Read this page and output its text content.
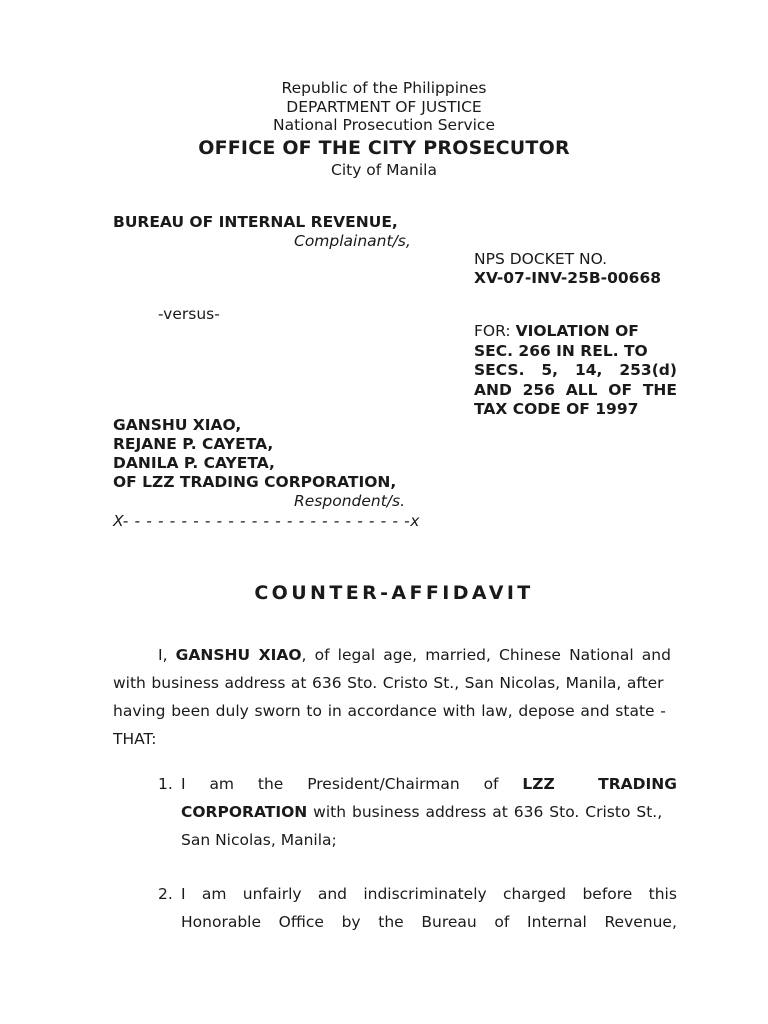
Republic of the Philippines
DEPARTMENT OF JUSTICE
National Prosecution Service
OFFICE OF THE CITY PROSECUTOR
City of Manila
BUREAU OF INTERNAL REVENUE,
Complainant/s,
NPS DOCKET NO.
XV-07-INV-25B-00668
-versus-
FOR:
VIOLATION OF
SEC. 266 IN REL. TO
SECS. 5, 14, 253(d)
AND 256 ALL OF THE
TAX CODE OF 1997
GANSHU XIAO,
REJANE P. CAYETA,
DANILA P. CAYETA,
OF LZZ TRADING CORPORATION,
Respondent/s.
X- - - - - - - - - - - - - - - - - - - - - - - - -x
COUNTER-AFFIDAVIT
I, GANSHU XIAO, of legal age, married, Chinese National and
with business address at 636 Sto. Cristo St., San Nicolas, Manila, after
having been duly sworn to in accordance with law, depose and state -
THAT:
1. I am the President/Chairman of LZZ TRADING
CORPORATION with business address at 636 Sto. Cristo St.,
San Nicolas, Manila;
2. I am unfairly and indiscriminately charged before this
Honorable Office by the Bureau of Internal Revenue,
